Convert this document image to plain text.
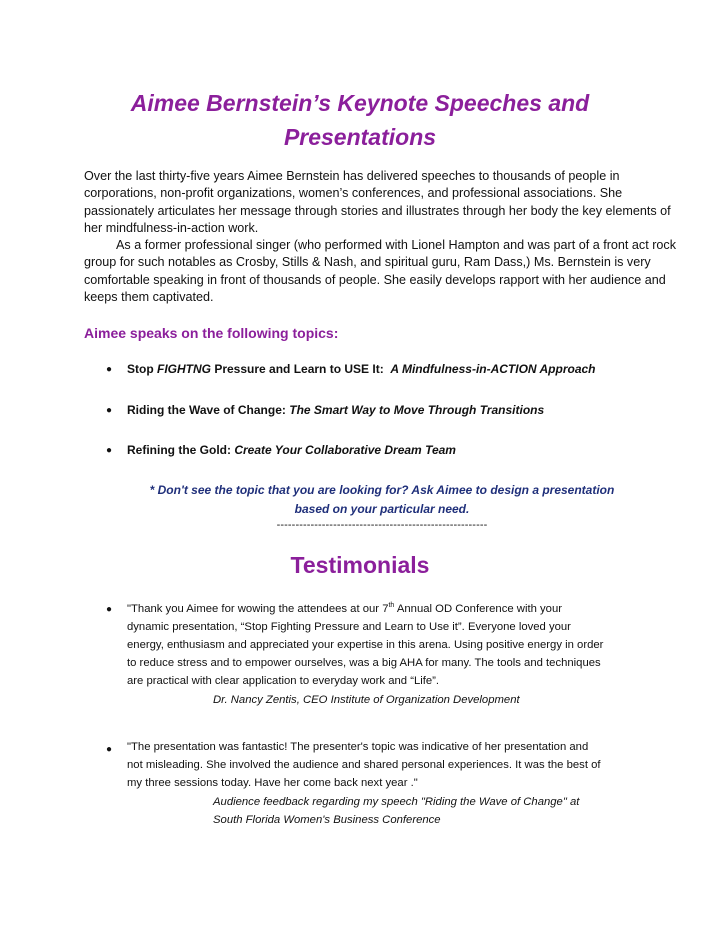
Aimee Bernstein’s Keynote Speeches and
Presentations

Over the last thirty-five years Aimee Bernstein has delivered speeches to thousands of people in corporations, non-profit organizations, women’s conferences, and professional associations. She passionately articulates her message through stories and illustrates through her body the key elements of her mindfulness-in-action work.

As a former professional singer (who performed with Lionel Hampton and was part of a front act rock group for such notables as Crosby, Stills & Nash, and spiritual guru, Ram Dass,) Ms. Bernstein is very comfortable speaking in front of thousands of people. She easily develops rapport with her audience and keeps them captivated.

Aimee speaks on the following topics:
● Stop FIGHTNG Pressure and Learn to USE It:  A Mindfulness-in-ACTION Approach
● Riding the Wave of Change: The Smart Way to Move Through Transitions
● Refining the Gold: Create Your Collaborative Dream Team
* Don't see the topic that you are looking for? Ask Aimee to design a presentation
based on your particular need.
--------------------------------------------------------
Testimonials
● "Thank you Aimee for wowing the attendees at our 7th Annual OD Conference with your
dynamic presentation, “Stop Fighting Pressure and Learn to Use it”. Everyone loved your
energy, enthusiasm and appreciated your expertise in this arena. Using positive energy in order
to reduce stress and to empower ourselves, was a big AHA for many. The tools and techniques
are practical with clear application to everyday work and “Life”.
Dr. Nancy Zentis, CEO Institute of Organization Development
● "The presentation was fantastic! The presenter's topic was indicative of her presentation and
not misleading. She involved the audience and shared personal experiences. It was the best of
my three sessions today. Have her come back next year ."
Audience feedback regarding my speech "Riding the Wave of Change" at
South Florida Women's Business Conference
